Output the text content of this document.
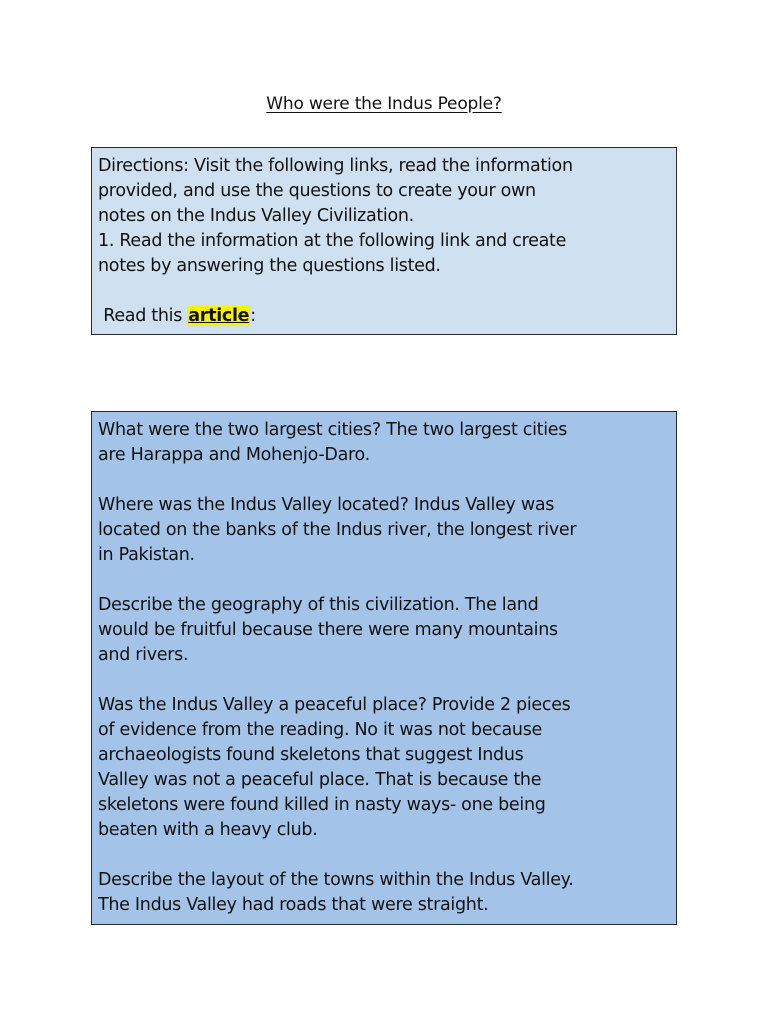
Who were the Indus People?
Directions: Visit the following links, read the information
provided, and use the questions to create your own
notes on the Indus Valley Civilization.
1. Read the information at the following link and create
notes by answering the questions listed.
Read this article:
What were the two largest cities? The two largest cities
are Harappa and Mohenjo-Daro.
Where was the Indus Valley located? Indus Valley was
located on the banks of the Indus river, the longest river
in Pakistan.
Describe the geography of this civilization. The land
would be fruitful because there were many mountains
and rivers.
Was the Indus Valley a peaceful place? Provide 2 pieces
of evidence from the reading. No it was not because
archaeologists found skeletons that suggest Indus
Valley was not a peaceful place. That is because the
skeletons were found killed in nasty ways- one being
beaten with a heavy club.
Describe the layout of the towns within the Indus Valley.
The Indus Valley had roads that were straight.
